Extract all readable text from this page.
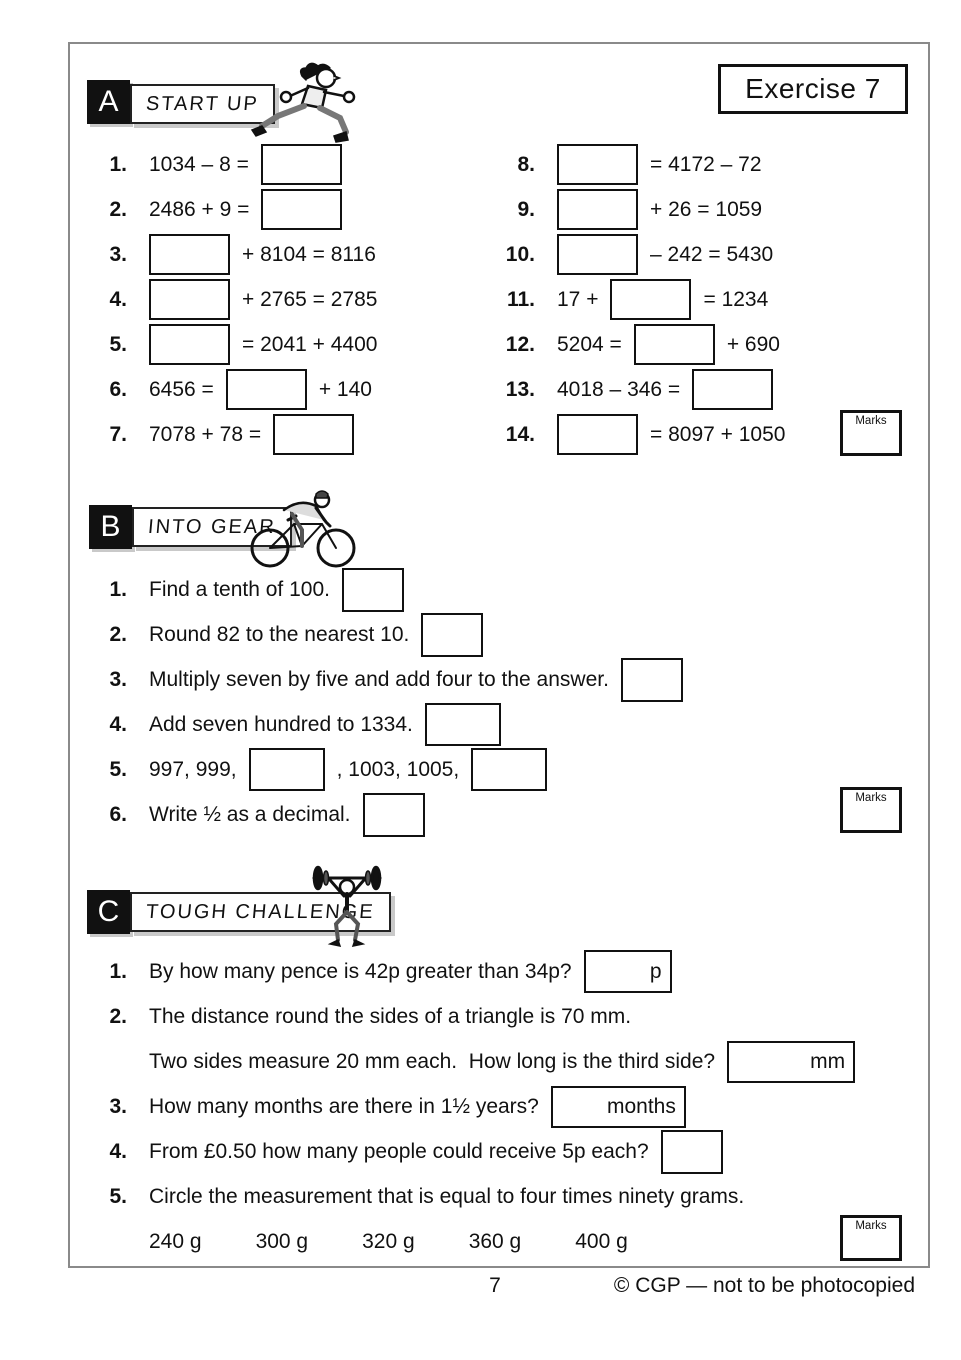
Exercise 7
A START UP
1.	1034 – 8 =
2.	2486 + 9 =
3.	+ 8104 = 8116
4.	+ 2765 = 2785
5.	= 2041 + 4400
6.	6456 =	+ 140
7.	7078 + 78 =
8.	= 4172 – 72
9.	+ 26 = 1059
10.	– 242 = 5430
11.	17 +	= 1234
12.	5204 =	+ 690
13.	4018 – 346 =
14.	= 8097 + 1050
Marks
B INTO GEAR
1.	Find a tenth of 100.
2.	Round 82 to the nearest 10.
3.	Multiply seven by five and add four to the answer.
4.	Add seven hundred to 1334.
5.	997, 999,	, 1003, 1005,
6.	Write ½ as a decimal.
Marks
C TOUGH CHALLENGE
1.	By how many pence is 42p greater than 34p?	p
2.	The distance round the sides of a triangle is 70 mm.
Two sides measure 20 mm each.  How long is the third side?	mm
3.	How many months are there in 1½ years?	months
4.	From £0.50 how many people could receive 5p each?
5.	Circle the measurement that is equal to four times ninety grams.
240 g	300 g	320 g	360 g	400 g
Marks
7	© CGP — not to be photocopied
